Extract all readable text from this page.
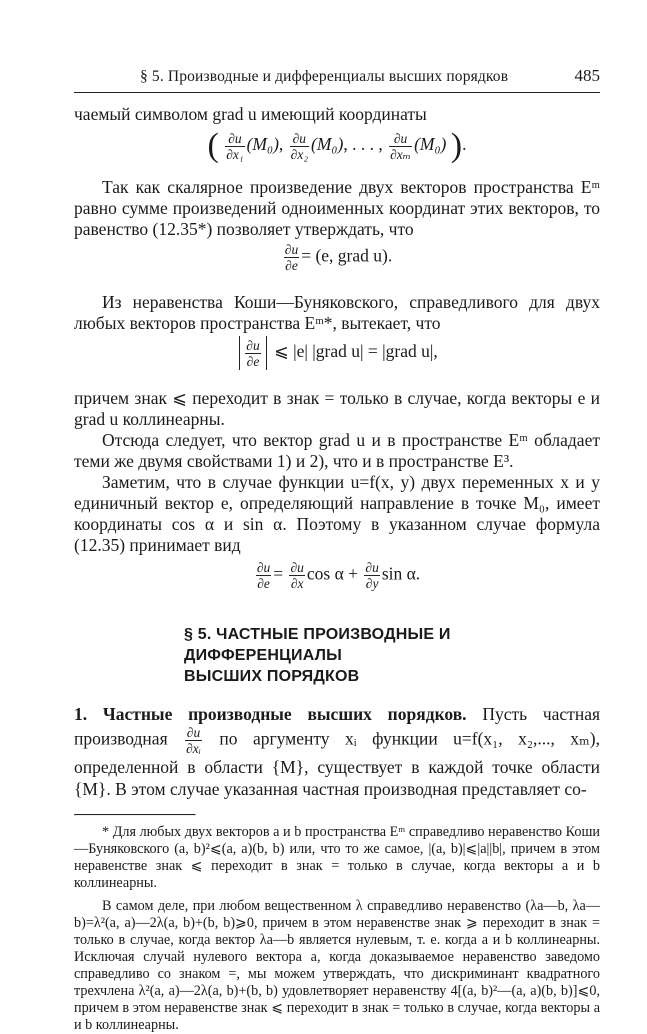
§ 5. Производные и дифференциалы высших порядков	485

чаемый символом grad u имеющий координаты

( $\frac{\partial u}{\text{∂x₁}} (M_0)$, $\frac{\partial u}{\text{∂x₂}} (M_0)$, . . . , $\frac{\partial u}{\text{∂xₘ}} (M_0)$ ).

Так как скалярное произведение двух векторов пространства Eᵐ равно сумме произведений одноименных координат этих векторов, то равенство (12.35*) позволяет утверждать, что

$\frac{\partial u}{\partial e} = (e$, grad u).

Из неравенства Коши—Буняковского, справедливого для двух любых векторов пространства Eᵐ*, вытекает, что

$\frac{\partial u}{\partial e}$ ⩽ |e| |grad u| = |grad u|,

причем знак ⩽ переходит в знак = только в случае, когда векторы e и grad u коллинеарны.

Отсюда следует, что вектор grad u и в пространстве Eᵐ обладает теми же двумя свойствами 1) и 2), что и в пространстве E³.

Заметим, что в случае функции u=f(x, y) двух переменных x и y единичный вектор e, определяющий направление в точке M₀, имеет координаты cos α и sin α. Поэтому в указанном случае формула (12.35) принимает вид

$\frac{\partial u}{\partial e} = \frac{\partial u}{\partial x}$ $\cos \alpha + \frac{\partial u}{\partial y}$ sin α.

§ 5. ЧАСТНЫЕ ПРОИЗВОДНЫЕ И ДИФФЕРЕНЦИАЛЫ

ВЫСШИХ ПОРЯДКОВ

1. Частные производные высших порядков. Пусть частная производная $\frac{\partial u}{\text{∂xᵢ}}$ по аргументу xᵢ функции u=f(x₁, x₂,..., xₘ), определенной в области {M}, существует в каждой точке области {M}. В этом случае указанная частная производная представляет со-

* Для любых двух векторов a и b пространства Eᵐ справедливо неравенство Коши—Буняковского (a, b)²⩽(a, a)(b, b) или, что то же самое, |(a, b)|⩽|a||b|, причем в этом неравенстве знак ⩽ переходит в знак = только в случае, когда векторы a и b коллинеарны.

В самом деле, при любом вещественном λ справедливо неравенство (λa—b, λa—b)=λ²(a, a)—2λ(a, b)+(b, b)⩾0, причем в этом неравенстве знак ⩾ переходит в знак = только в случае, когда вектор λa—b является нулевым, т. е. когда a и b коллинеарны. Исключая случай нулевого вектора a, когда доказываемое неравенство заведомо справедливо со знаком =, мы можем утверждать, что дискриминант квадратного трехчлена λ²(a, a)—2λ(a, b)+(b, b) удовлетворяет неравенству 4[(a, b)²—(a, a)(b, b)]⩽0, причем в этом неравенстве знак ⩽ переходит в знак = только в случае, когда векторы a и b коллинеарны.
